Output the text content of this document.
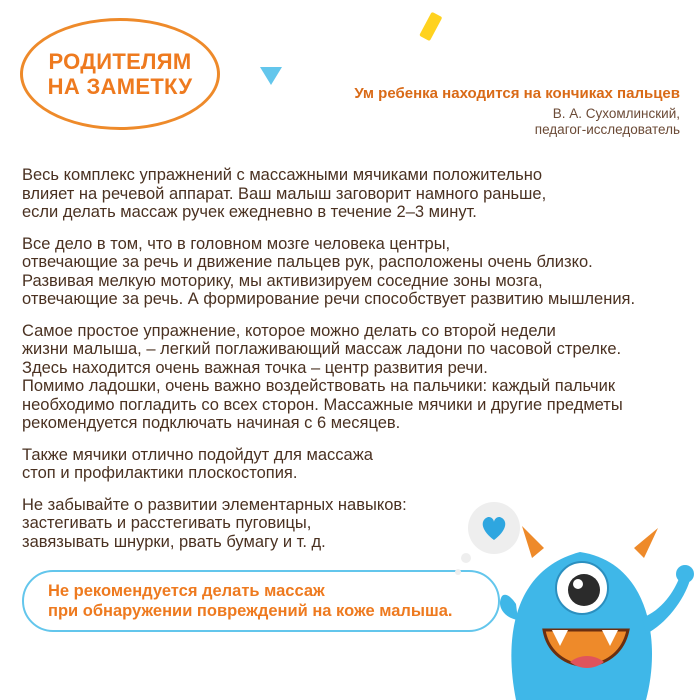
РОДИТЕЛЯМ
НА ЗАМЕТКУ	Ум ребенка находится на кончиках пальцев
В. А. Сухомлинский,
педагог-исследователь
Весь комплекс упражнений с массажными мячиками положительно
влияет на речевой аппарат. Ваш малыш заговорит намного раньше,
если делать массаж ручек ежедневно в течение 2–3 минут.
Все дело в том, что в головном мозге человека центры,
отвечающие за речь и движение пальцев рук, расположены очень близко.
Развивая мелкую моторику, мы активизируем соседние зоны мозга,
отвечающие за речь. А формирование речи способствует развитию мышления.
Самое простое упражнение, которое можно делать со второй недели
жизни малыша, – легкий поглаживающий массаж ладони по часовой стрелке.
Здесь находится очень важная точка – центр развития речи.
Помимо ладошки, очень важно воздействовать на пальчики: каждый пальчик
необходимо погладить со всех сторон. Массажные мячики и другие предметы
рекомендуется подключать начиная с 6 месяцев.
Также мячики отлично подойдут для массажа
стоп и профилактики плоскостопия.
Не забывайте о развитии элементарных навыков:
застегивать и расстегивать пуговицы,
завязывать шнурки, рвать бумагу и т. д.
Не рекомендуется делать массаж
при обнаружении повреждений на коже малыша.
